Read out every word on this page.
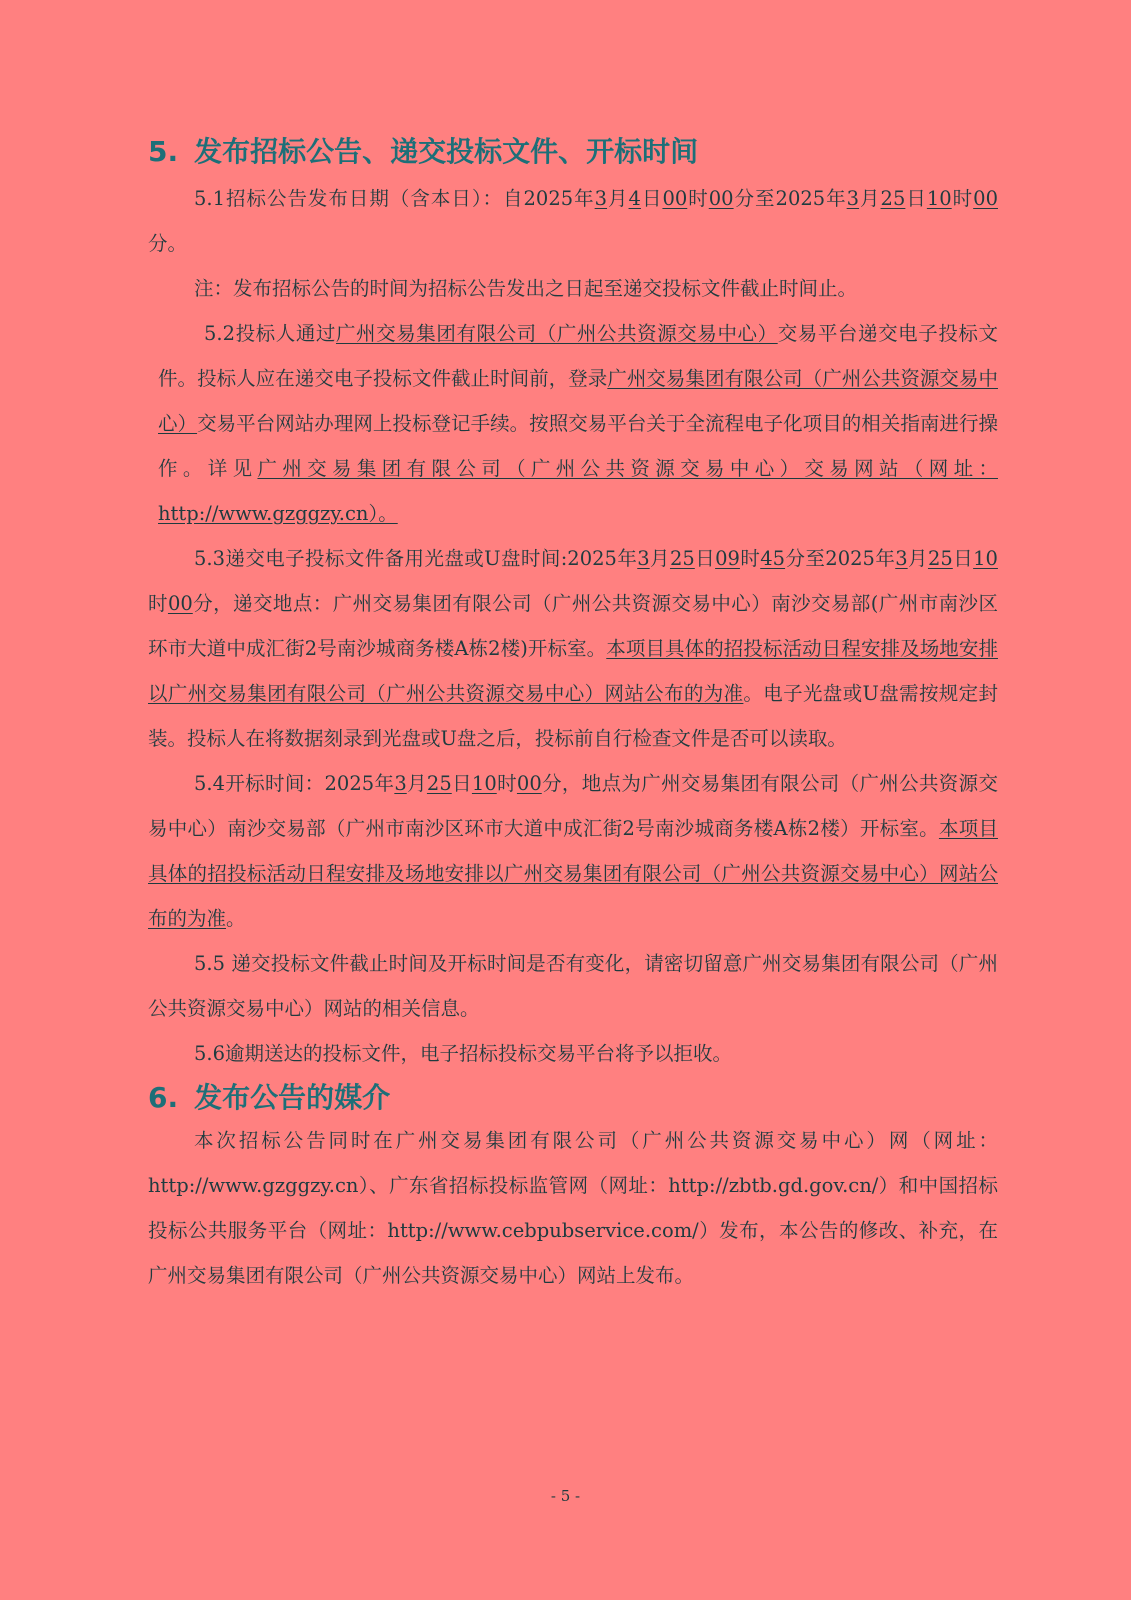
5. 发布招标公告、递交投标文件、开标时间

5.1招标公告发布日期（含本日）：自2025年3月4日00时00分至2025年3月25日10时00分。

注：发布招标公告的时间为招标公告发出之日起至递交投标文件截止时间止。

5.2投标人通过广州交易集团有限公司（广州公共资源交易中心）交易平台递交电子投标文件。投标人应在递交电子投标文件截止时间前，登录广州交易集团有限公司（广州公共资源交易中心）交易平台网站办理网上投标登记手续。按照交易平台关于全流程电子化项目的相关指南进行操作。详见广州交易集团有限公司（广州公共资源交易中心）交易网站（网址：http://www.gzggzy.cn）。

5.3递交电子投标文件备用光盘或U盘时间:2025年3月25日09时45分至2025年3月25日10时00分，递交地点：广州交易集团有限公司（广州公共资源交易中心）南沙交易部(广州市南沙区环市大道中成汇街2号南沙城商务楼A栋2楼)开标室。本项目具体的招投标活动日程安排及场地安排以广州交易集团有限公司（广州公共资源交易中心）网站公布的为准。电子光盘或U盘需按规定封装。投标人在将数据刻录到光盘或U盘之后，投标前自行检查文件是否可以读取。

5.4开标时间：2025年3月25日10时00分，地点为广州交易集团有限公司（广州公共资源交易中心）南沙交易部（广州市南沙区环市大道中成汇街2号南沙城商务楼A栋2楼）开标室。本项目具体的招投标活动日程安排及场地安排以广州交易集团有限公司（广州公共资源交易中心）网站公布的为准。

5.5 递交投标文件截止时间及开标时间是否有变化，请密切留意广州交易集团有限公司（广州公共资源交易中心）网站的相关信息。

5.6逾期送达的投标文件，电子招标投标交易平台将予以拒收。

6. 发布公告的媒介

本次招标公告同时在广州交易集团有限公司（广州公共资源交易中心）网（网址：http://www.gzggzy.cn）、广东省招标投标监管网（网址：http://zbtb.gd.gov.cn/）和中国招标投标公共服务平台（网址：http://www.cebpubservice.com/）发布，本公告的修改、补充，在广州交易集团有限公司（广州公共资源交易中心）网站上发布。

- 5 -
